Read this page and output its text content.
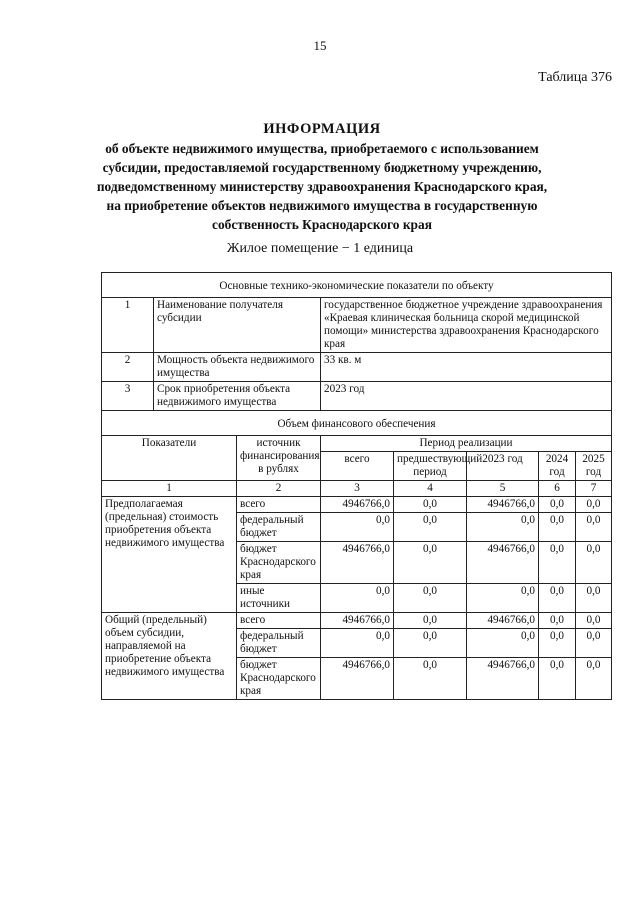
15
Таблица 376
ИНФОРМАЦИЯ
об объекте недвижимого имущества, приобретаемого с использованием
субсидии, предоставляемой государственному бюджетному учреждению,
подведомственному министерству здравоохранения Краснодарского края,
на приобретение объектов недвижимого имущества в государственную
собственность Краснодарского края
Жилое помещение − 1 единица
Основные технико-экономические показатели по объекту							
1	Наименование получателя субсидии		государственное бюджетное учреждение здравоохранения «Краевая клиническая больница скорой медицинской помощи» министерства здравоохранения Краснодарского края				
2	Мощность объекта недвижимого имущества		33 кв. м				
3	Срок приобретения объекта недвижимого имущества		2023 год				
Объем финансового обеспечения							
Показатели		источник финансирования в рублях	Период реализации				
			всего	предшествующий период	2023 год	2024 год	2025 год
1		2	3	4	5	6	7
Предполагаемая (предельная) стоимость приобретения объекта недвижимого имущества		всего	4946766,0	0,0	4946766,0	0,0	0,0
		федеральный бюджет	0,0	0,0	0,0	0,0	0,0
		бюджет Краснодарского края	4946766,0	0,0	4946766,0	0,0	0,0
		иные источники	0,0	0,0	0,0	0,0	0,0
Общий (предельный) объем субсидии, направляемой на приобретение объекта недвижимого имущества		всего	4946766,0	0,0	4946766,0	0,0	0,0
		федеральный бюджет	0,0	0,0	0,0	0,0	0,0
		бюджет Краснодарского края	4946766,0	0,0	4946766,0	0,0	0,0
